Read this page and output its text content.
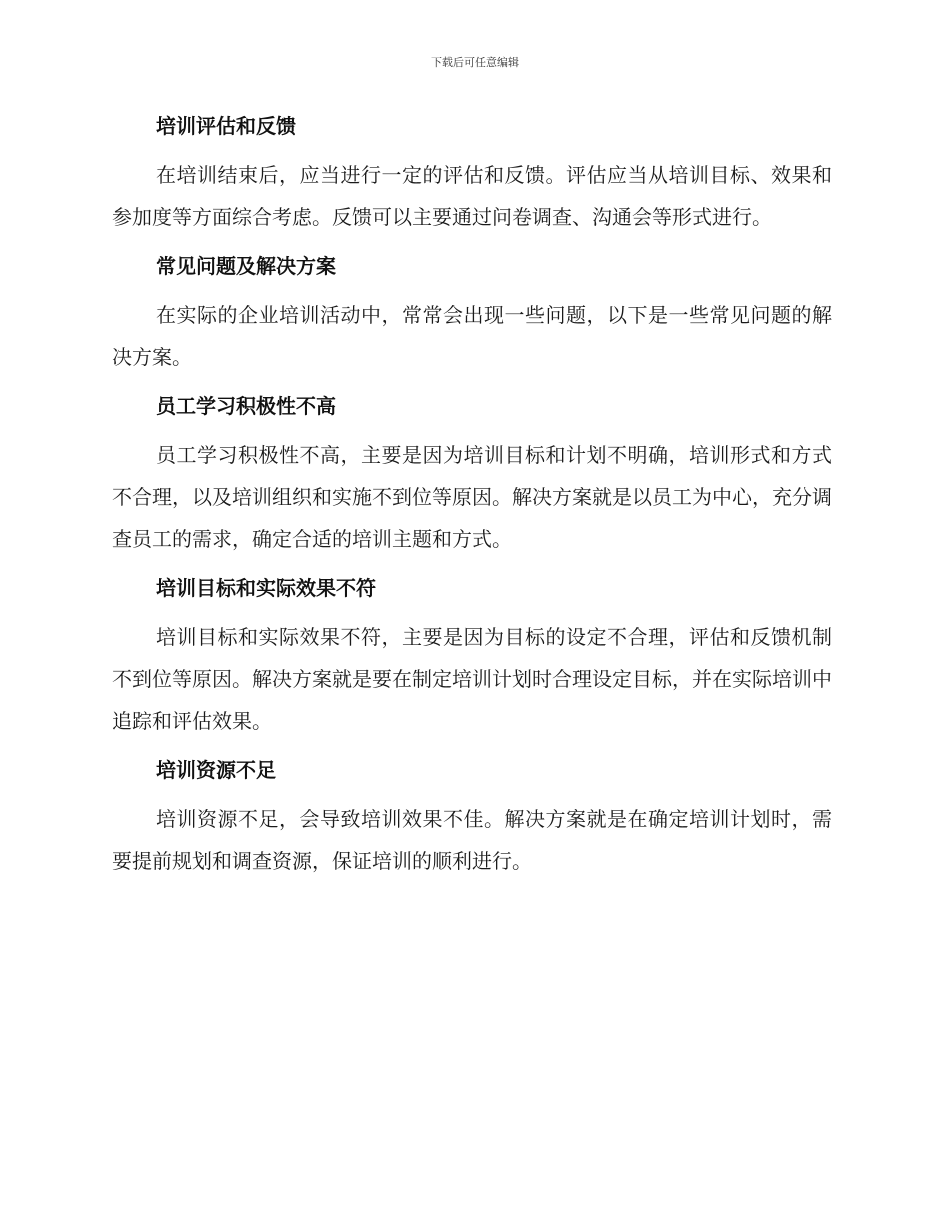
下载后可任意编辑
培训评估和反馈

在培训结束后，应当进行一定的评估和反馈。评估应当从培训目标、效果和参加度等方面综合考虑。反馈可以主要通过问卷调查、沟通会等形式进行。

常见问题及解决方案

在实际的企业培训活动中，常常会出现一些问题，以下是一些常见问题的解决方案。

员工学习积极性不高

员工学习积极性不高，主要是因为培训目标和计划不明确，培训形式和方式不合理，以及培训组织和实施不到位等原因。解决方案就是以员工为中心，充分调查员工的需求，确定合适的培训主题和方式。

培训目标和实际效果不符

培训目标和实际效果不符，主要是因为目标的设定不合理，评估和反馈机制不到位等原因。解决方案就是要在制定培训计划时合理设定目标，并在实际培训中追踪和评估效果。

培训资源不足

培训资源不足，会导致培训效果不佳。解决方案就是在确定培训计划时，需要提前规划和调查资源，保证培训的顺利进行。
